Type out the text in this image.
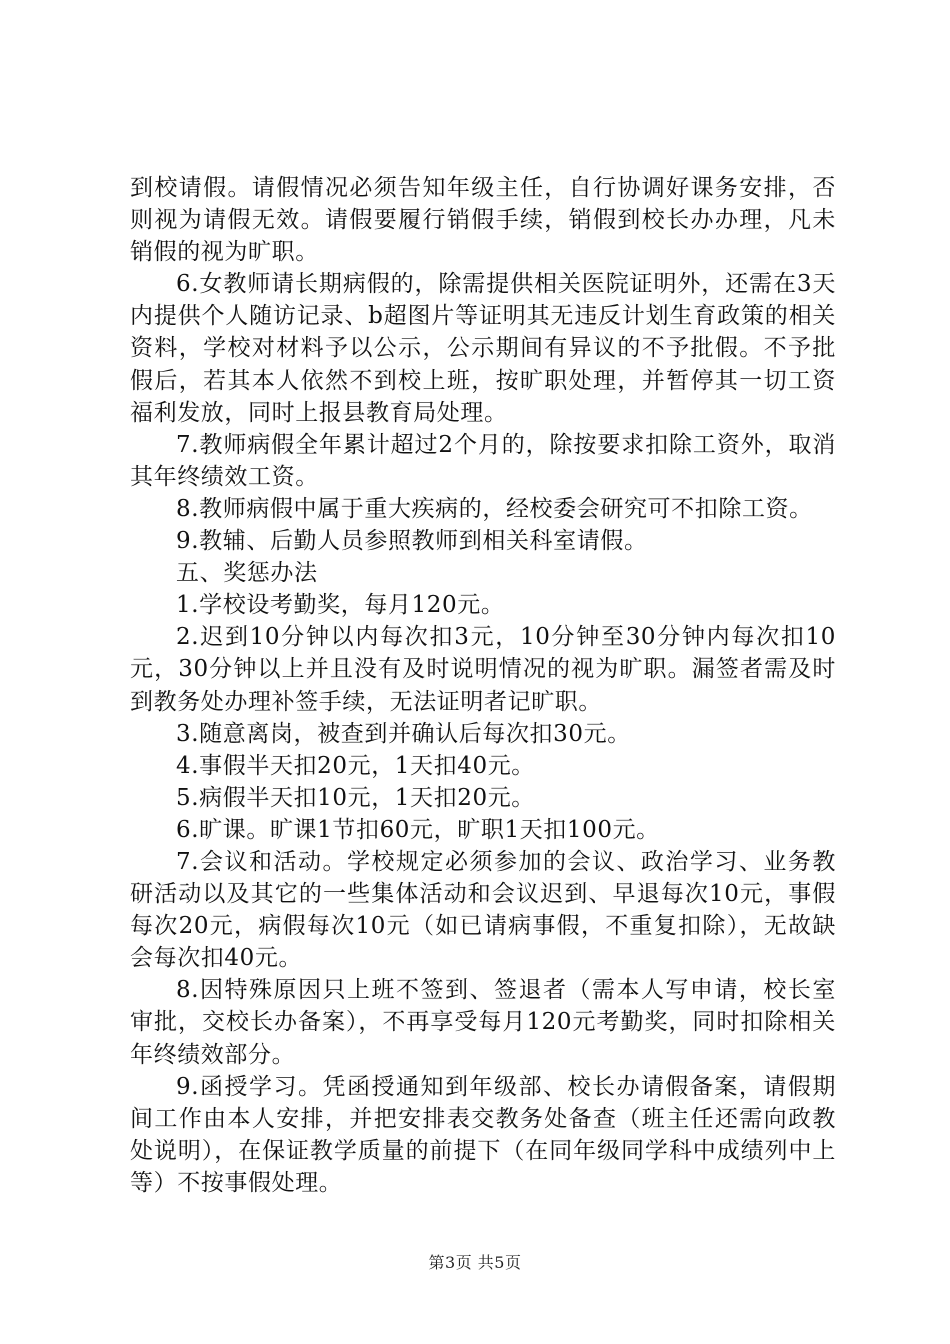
到校请假。请假情况必须告知年级主任，自行协调好课务安排，否则视为请假无效。请假要履行销假手续，销假到校长办办理，凡未销假的视为旷职。

6.女教师请长期病假的，除需提供相关医院证明外，还需在3天内提供个人随访记录、b超图片等证明其无违反计划生育政策的相关资料，学校对材料予以公示，公示期间有异议的不予批假。不予批假后，若其本人依然不到校上班，按旷职处理，并暂停其一切工资福利发放，同时上报县教育局处理。

7.教师病假全年累计超过2个月的，除按要求扣除工资外，取消其年终绩效工资。

8.教师病假中属于重大疾病的，经校委会研究可不扣除工资。

9.教辅、后勤人员参照教师到相关科室请假。

五、奖惩办法

1.学校设考勤奖，每月120元。

2.迟到10分钟以内每次扣3元，10分钟至30分钟内每次扣10元，30分钟以上并且没有及时说明情况的视为旷职。漏签者需及时到教务处办理补签手续，无法证明者记旷职。

3.随意离岗，被查到并确认后每次扣30元。

4.事假半天扣20元，1天扣40元。

5.病假半天扣10元，1天扣20元。

6.旷课。旷课1节扣60元，旷职1天扣100元。

7.会议和活动。学校规定必须参加的会议、政治学习、业务教研活动以及其它的一些集体活动和会议迟到、早退每次10元，事假每次20元，病假每次10元（如已请病事假，不重复扣除），无故缺会每次扣40元。

8.因特殊原因只上班不签到、签退者（需本人写申请，校长室审批，交校长办备案），不再享受每月120元考勤奖，同时扣除相关年终绩效部分。

9.函授学习。凭函授通知到年级部、校长办请假备案，请假期间工作由本人安排，并把安排表交教务处备查（班主任还需向政教处说明），在保证教学质量的前提下（在同年级同学科中成绩列中上等）不按事假处理。

第3页 共5页
